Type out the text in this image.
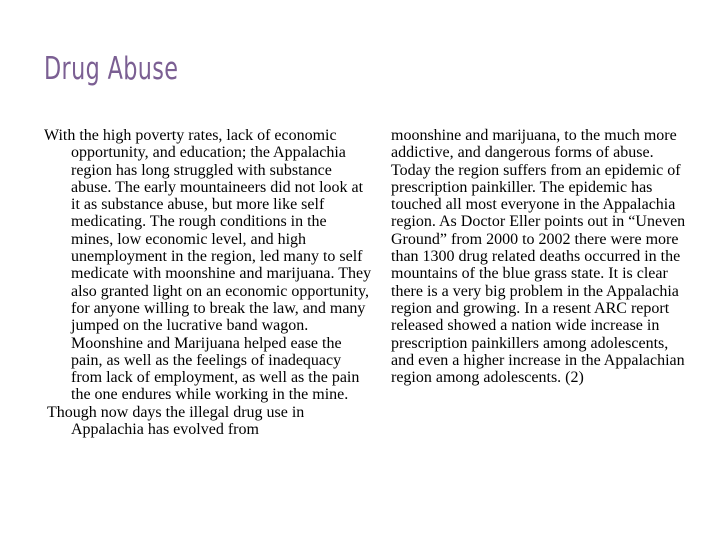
Drug Abuse

With the high poverty rates, lack of economic opportunity, and education; the Appalachia region has long struggled with substance abuse. The early mountaineers did not look at it as substance abuse, but more like self medicating. The rough conditions in the mines, low economic level, and high unemployment in the region, led many to self medicate with moonshine and marijuana. They also granted light on an economic opportunity, for anyone willing to break the law, and many jumped on the lucrative band wagon. Moonshine and Marijuana helped ease the pain, as well as the feelings of inadequacy from lack of employment, as well as the pain the one endures while working in the mine.

Though now days the illegal drug use in Appalachia has evolved from

moonshine and marijuana, to the much more addictive, and dangerous forms of abuse. Today the region suffers from an epidemic of prescription painkiller. The epidemic has touched all most everyone in the Appalachia region. As Doctor Eller points out in “Uneven Ground” from 2000 to 2002 there were more than 1300 drug related deaths occurred in the mountains of the blue grass state. It is clear there is a very big problem in the Appalachia region and growing. In a resent ARC report released showed a nation wide increase in prescription painkillers among adolescents, and even a higher increase in the Appalachian region among adolescents. (2)
